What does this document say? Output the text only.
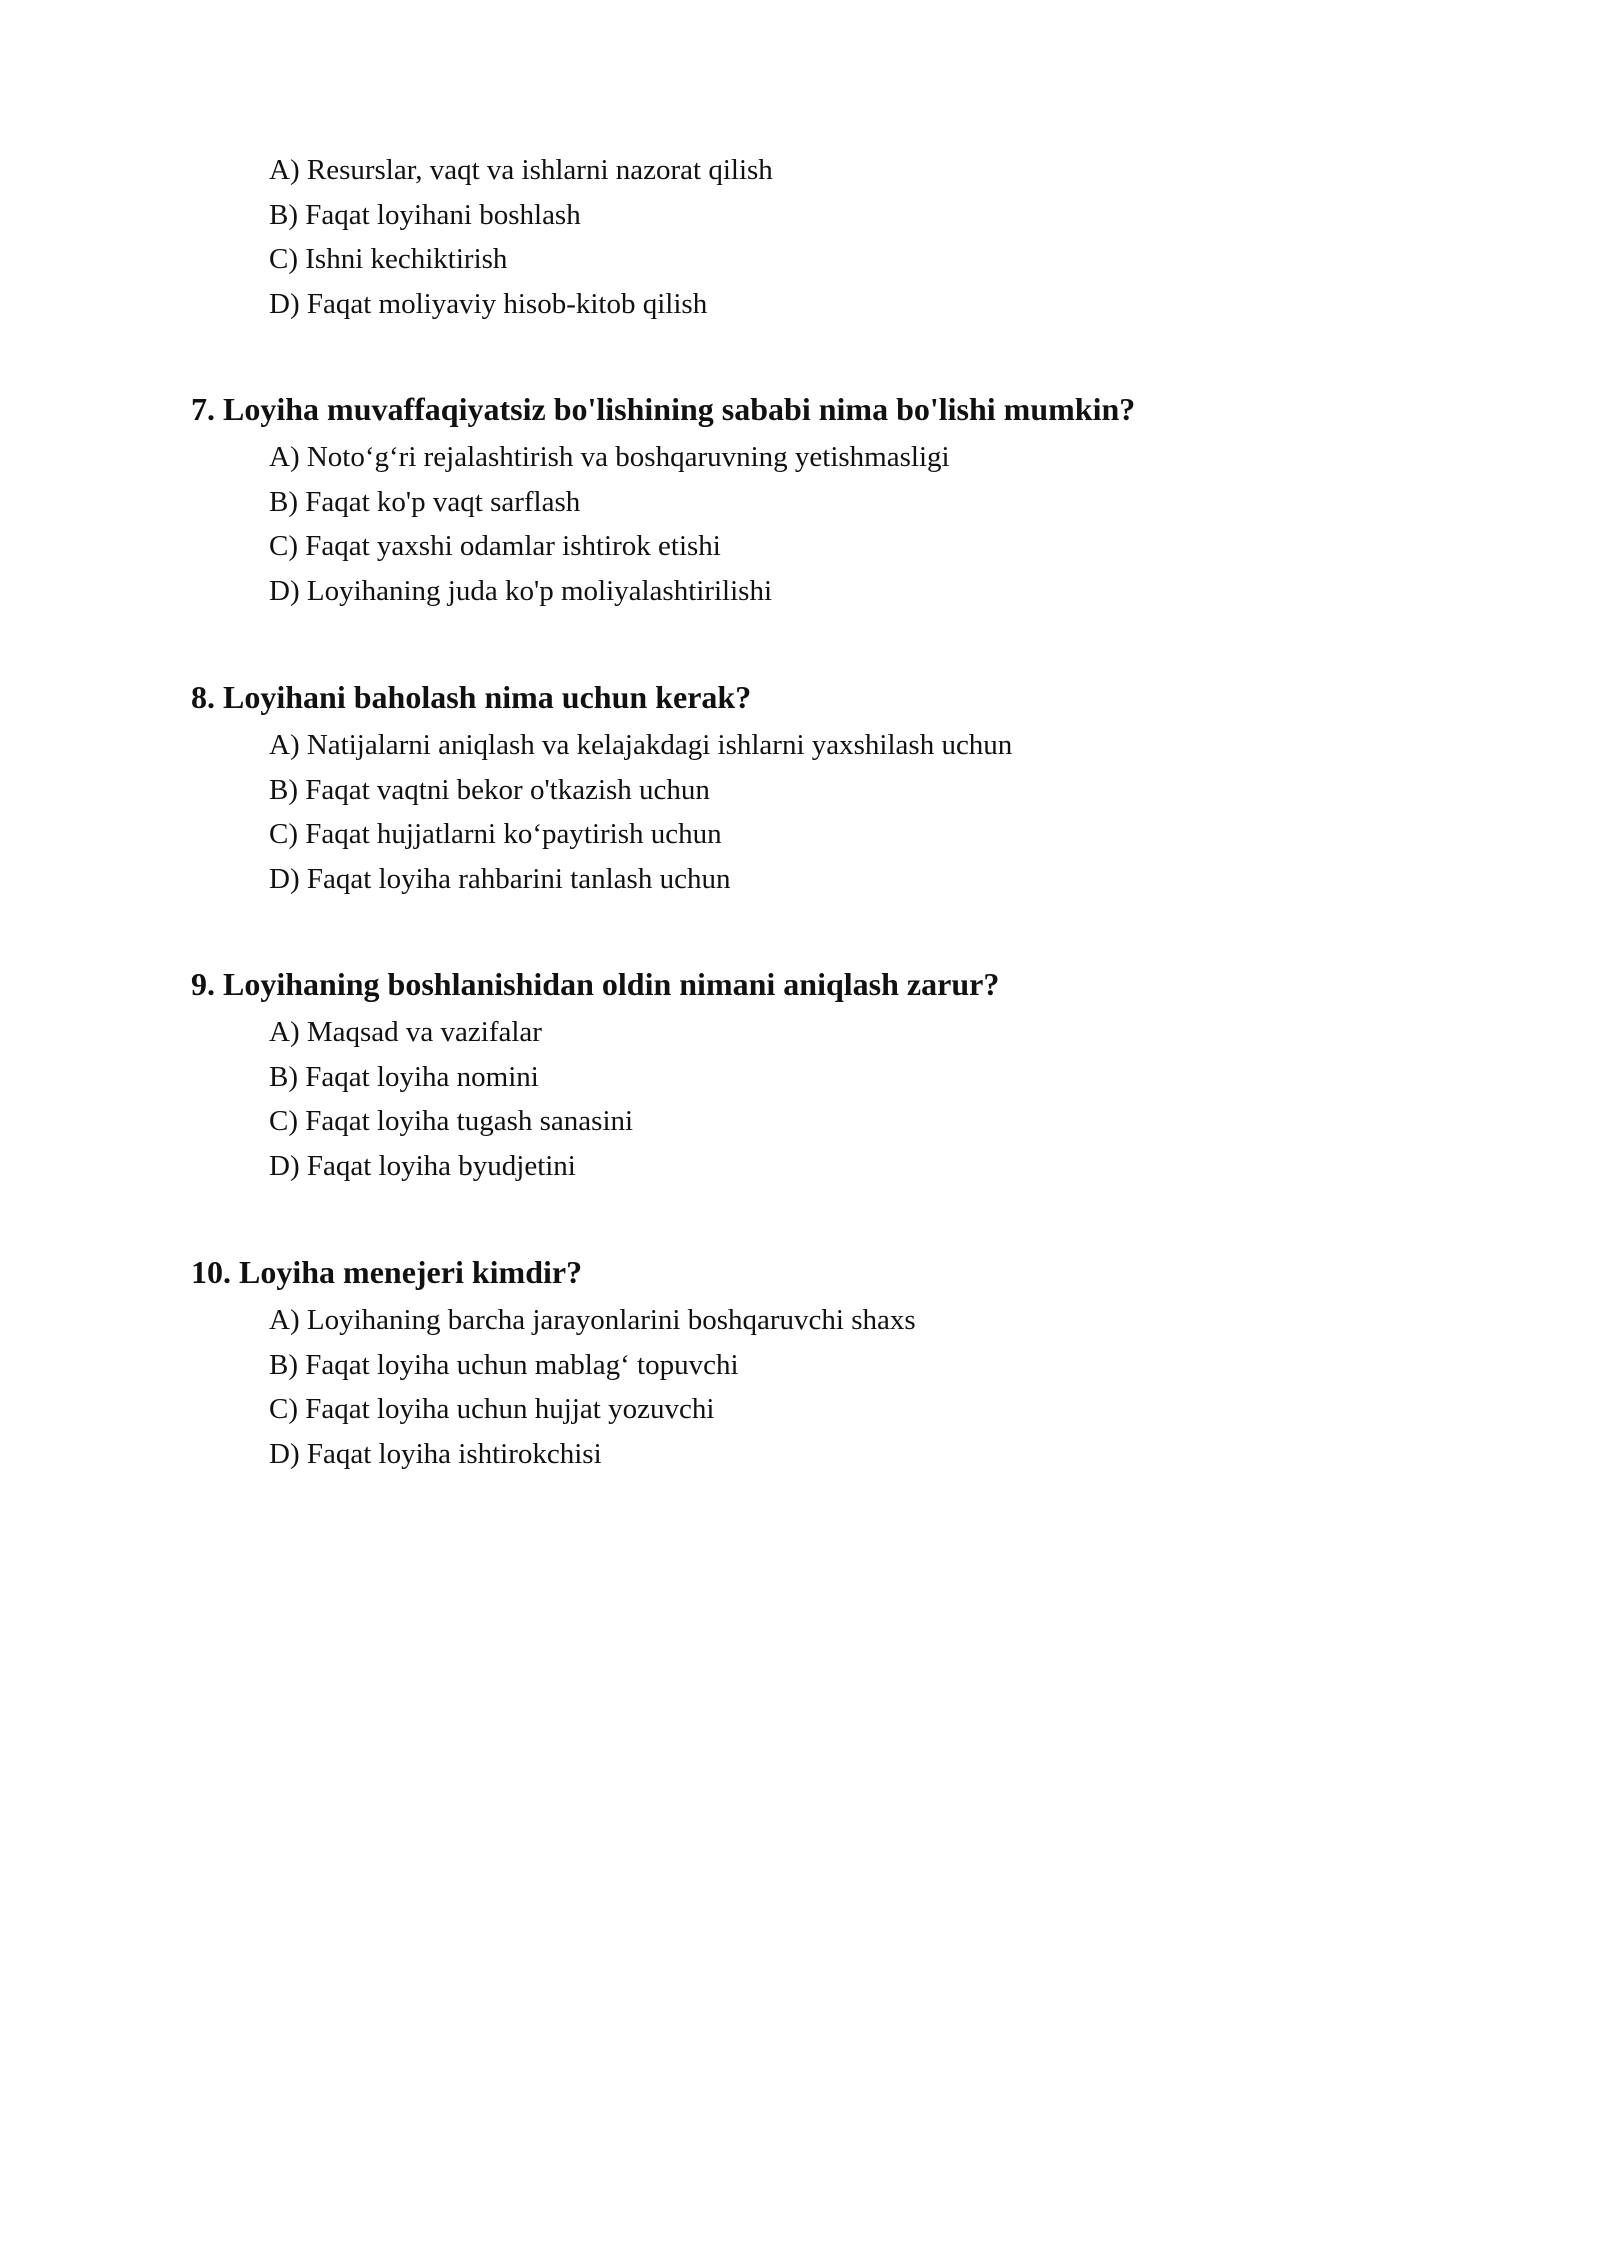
A) Resurslar, vaqt va ishlarni nazorat qilish
B) Faqat loyihani boshlash
C) Ishni kechiktirish
D) Faqat moliyaviy hisob-kitob qilish
7. Loyiha muvaffaqiyatsiz bo'lishining sababi nima bo'lishi mumkin?
A) Noto‘g‘ri rejalashtirish va boshqaruvning yetishmasligi
B) Faqat ko'p vaqt sarflash
C) Faqat yaxshi odamlar ishtirok etishi
D) Loyihaning juda ko'p moliyalashtirilishi
8. Loyihani baholash nima uchun kerak?
A) Natijalarni aniqlash va kelajakdagi ishlarni yaxshilash uchun
B) Faqat vaqtni bekor o'tkazish uchun
C) Faqat hujjatlarni ko‘paytirish uchun
D) Faqat loyiha rahbarini tanlash uchun
9. Loyihaning boshlanishidan oldin nimani aniqlash zarur?
A) Maqsad va vazifalar
B) Faqat loyiha nomini
C) Faqat loyiha tugash sanasini
D) Faqat loyiha byudjetini
10. Loyiha menejeri kimdir?
A) Loyihaning barcha jarayonlarini boshqaruvchi shaxs
B) Faqat loyiha uchun mablag‘ topuvchi
C) Faqat loyiha uchun hujjat yozuvchi
D) Faqat loyiha ishtirokchisi
